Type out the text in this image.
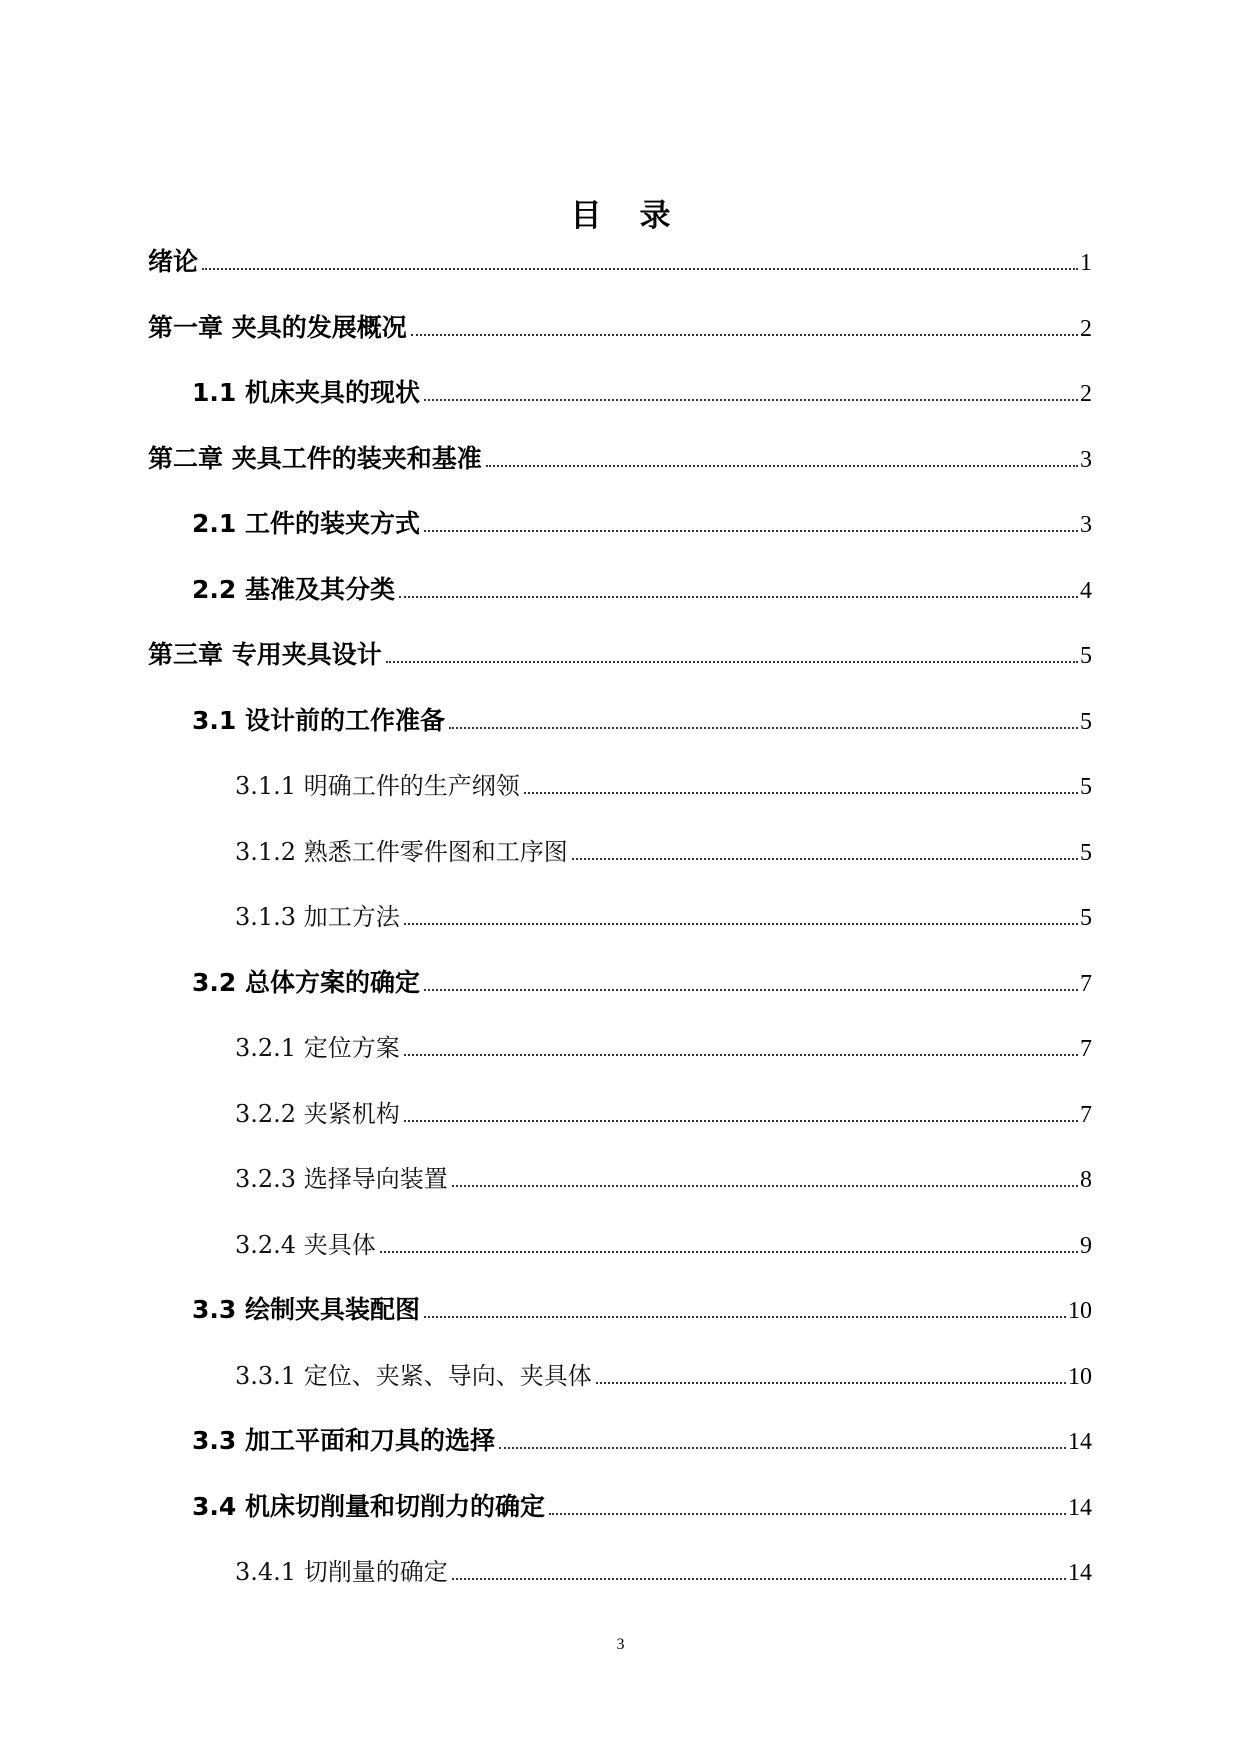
目录
绪论	1
第一章 夹具的发展概况	2
1.1 机床夹具的现状	2
第二章 夹具工件的装夹和基准	3
2.1 工件的装夹方式	3
2.2 基准及其分类	4
第三章 专用夹具设计	5
3.1 设计前的工作准备	5
3.1.1 明确工件的生产纲领	5
3.1.2 熟悉工件零件图和工序图	5
3.1.3 加工方法	5
3.2 总体方案的确定	7
3.2.1 定位方案	7
3.2.2 夹紧机构	7
3.2.3 选择导向装置	8
3.2.4 夹具体	9
3.3 绘制夹具装配图	10
3.3.1 定位、夹紧、导向、夹具体	10
3.3 加工平面和刀具的选择	14
3.4 机床切削量和切削力的确定	14
3.4.1 切削量的确定	14
3
